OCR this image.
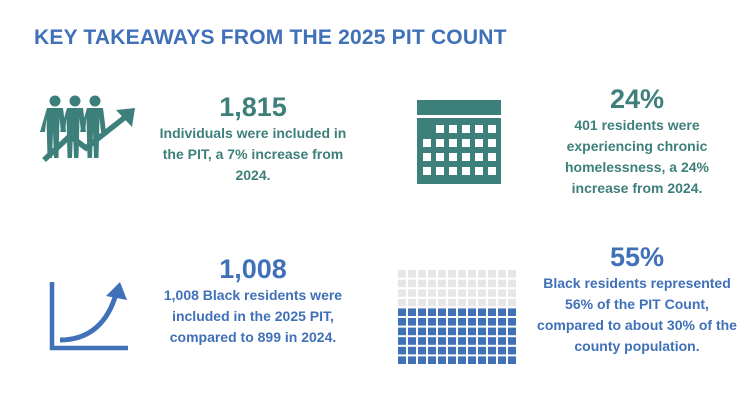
KEY TAKEAWAYS FROM THE 2025 PIT COUNT
1,815
Individuals were included in the PIT, a 7% increase from 2024.
24%
401 residents were experiencing chronic homelessness, a 24% increase from 2024.
1,008
1,008 Black residents were included in the 2025 PIT, compared to 899 in 2024.
55%
Black residents represented 56% of the PIT Count, compared to about 30% of the county population.
